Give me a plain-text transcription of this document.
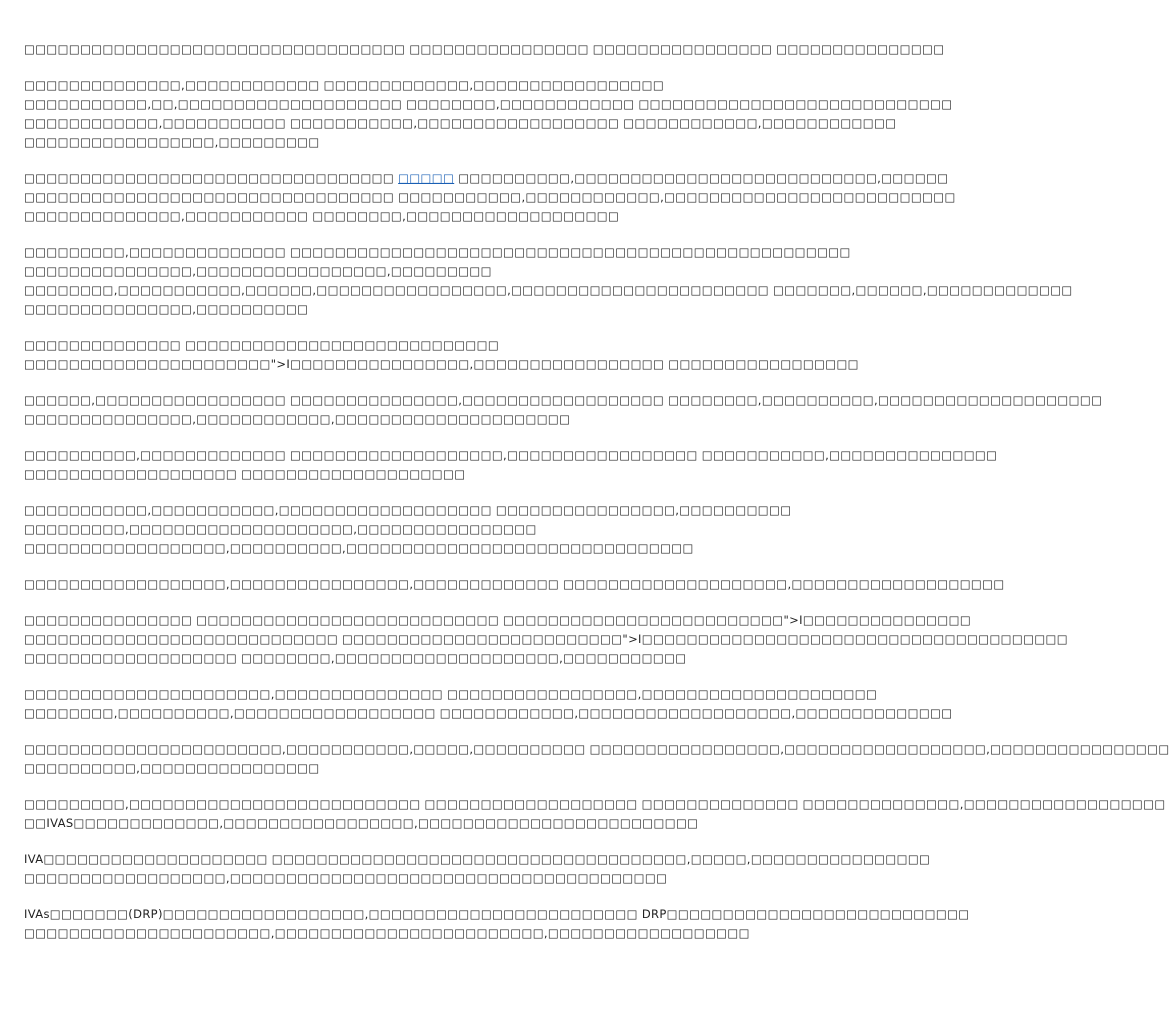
□□□□□□□□□□□□□□□□□□□□□□□□□□□□□□□□□□ □□□□□□□□□□□□□□□□ □□□□□□□□□□□□□□□□ □□□□□□□□□□□□□□□
□□□□□□□□□□□□□□,□□□□□□□□□□□□ □□□□□□□□□□□□□,□□□□□□□□□□□□□□□□□
□□□□□□□□□□□,□□,□□□□□□□□□□□□□□□□□□□□ □□□□□□□□,□□□□□□□□□□□□ □□□□□□□□□□□□□□□□□□□□□□□□□□□□
□□□□□□□□□□□□,□□□□□□□□□□□ □□□□□□□□□□□,□□□□□□□□□□□□□□□□□□ □□□□□□□□□□□□,□□□□□□□□□□□□
□□□□□□□□□□□□□□□□□,□□□□□□□□□
□□□□□□□□□□□□□□□□□□□□□□□□□□□□□□□□□ □□□□□ □□□□□□□□□□,□□□□□□□□□□□□□□□□□□□□□□□□□□□,□□□□□□
□□□□□□□□□□□□□□□□□□□□□□□□□□□□□□□□□ □□□□□□□□□□□,□□□□□□□□□□□□,□□□□□□□□□□□□□□□□□□□□□□□□□□
□□□□□□□□□□□□□□,□□□□□□□□□□□ □□□□□□□□,□□□□□□□□□□□□□□□□□□□
□□□□□□□□□,□□□□□□□□□□□□□□ □□□□□□□□□□□□□□□□□□□□□□□□□□□□□□□□□□□□□□□□□□□□□□□□□□
□□□□□□□□□□□□□□□,□□□□□□□□□□□□□□□□□,□□□□□□□□□
□□□□□□□□,□□□□□□□□□□□,□□□□□□,□□□□□□□□□□□□□□□□□,□□□□□□□□□□□□□□□□□□□□□□□ □□□□□□□,□□□□□□,□□□□□□□□□□□□□
□□□□□□□□□□□□□□□,□□□□□□□□□□
□□□□□□□□□□□□□□ □□□□□□□□□□□□□□□□□□□□□□□□□□□□
□□□□□□□□□□□□□□□□□□□□□□">I□□□□□□□□□□□□□□□□,□□□□□□□□□□□□□□□□□ □□□□□□□□□□□□□□□□□
□□□□□□,□□□□□□□□□□□□□□□□□ □□□□□□□□□□□□□□□,□□□□□□□□□□□□□□□□□□ □□□□□□□□,□□□□□□□□□□,□□□□□□□□□□□□□□□□□□□□
□□□□□□□□□□□□□□□,□□□□□□□□□□□□,□□□□□□□□□□□□□□□□□□□□□
□□□□□□□□□□,□□□□□□□□□□□□□ □□□□□□□□□□□□□□□□□□□,□□□□□□□□□□□□□□□□□ □□□□□□□□□□□,□□□□□□□□□□□□□□□
□□□□□□□□□□□□□□□□□□□ □□□□□□□□□□□□□□□□□□□□
□□□□□□□□□□□,□□□□□□□□□□□,□□□□□□□□□□□□□□□□□□□ □□□□□□□□□□□□□□□□,□□□□□□□□□□
□□□□□□□□□,□□□□□□□□□□□□□□□□□□□□,□□□□□□□□□□□□□□□□
□□□□□□□□□□□□□□□□□□,□□□□□□□□□□,□□□□□□□□□□□□□□□□□□□□□□□□□□□□□□□
□□□□□□□□□□□□□□□□□□,□□□□□□□□□□□□□□□□,□□□□□□□□□□□□□ □□□□□□□□□□□□□□□□□□□□,□□□□□□□□□□□□□□□□□□□
□□□□□□□□□□□□□□□ □□□□□□□□□□□□□□□□□□□□□□□□□□□ □□□□□□□□□□□□□□□□□□□□□□□□□">I□□□□□□□□□□□□□□□
□□□□□□□□□□□□□□□□□□□□□□□□□□□□ □□□□□□□□□□□□□□□□□□□□□□□□□">I□□□□□□□□□□□□□□□□□□□□□□□□□□□□□□□□□□□□□□
□□□□□□□□□□□□□□□□□□□ □□□□□□□□,□□□□□□□□□□□□□□□□□□□□,□□□□□□□□□□□
□□□□□□□□□□□□□□□□□□□□□□,□□□□□□□□□□□□□□□ □□□□□□□□□□□□□□□□□,□□□□□□□□□□□□□□□□□□□□□
□□□□□□□□,□□□□□□□□□□,□□□□□□□□□□□□□□□□□□ □□□□□□□□□□□□,□□□□□□□□□□□□□□□□□□□,□□□□□□□□□□□□□□
□□□□□□□□□□□□□□□□□□□□□□□,□□□□□□□□□□□,□□□□□,□□□□□□□□□□ □□□□□□□□□□□□□□□□□,□□□□□□□□□□□□□□□□□□,□□□□□□□□□□□□□□□□
□□□□□□□□□□,□□□□□□□□□□□□□□□□
□□□□□□□□□,□□□□□□□□□□□□□□□□□□□□□□□□□□ □□□□□□□□□□□□□□□□□□□ □□□□□□□□□□□□□□ □□□□□□□□□□□□□□,□□□□□□□□□□□□□□□□□□
□□IVAS□□□□□□□□□□□□□,□□□□□□□□□□□□□□□□□,□□□□□□□□□□□□□□□□□□□□□□□□□
IVA□□□□□□□□□□□□□□□□□□□□ □□□□□□□□□□□□□□□□□□□□□□□□□□□□□□□□□□□□□,□□□□□,□□□□□□□□□□□□□□□□
□□□□□□□□□□□□□□□□□□,□□□□□□□□□□□□□□□□□□□□□□□□□□□□□□□□□□□□□□□
IVAs□□□□□□□(DRP)□□□□□□□□□□□□□□□□□□,□□□□□□□□□□□□□□□□□□□□□□□□ DRP□□□□□□□□□□□□□□□□□□□□□□□□□□□
□□□□□□□□□□□□□□□□□□□□□□,□□□□□□□□□□□□□□□□□□□□□□□□,□□□□□□□□□□□□□□□□□□
